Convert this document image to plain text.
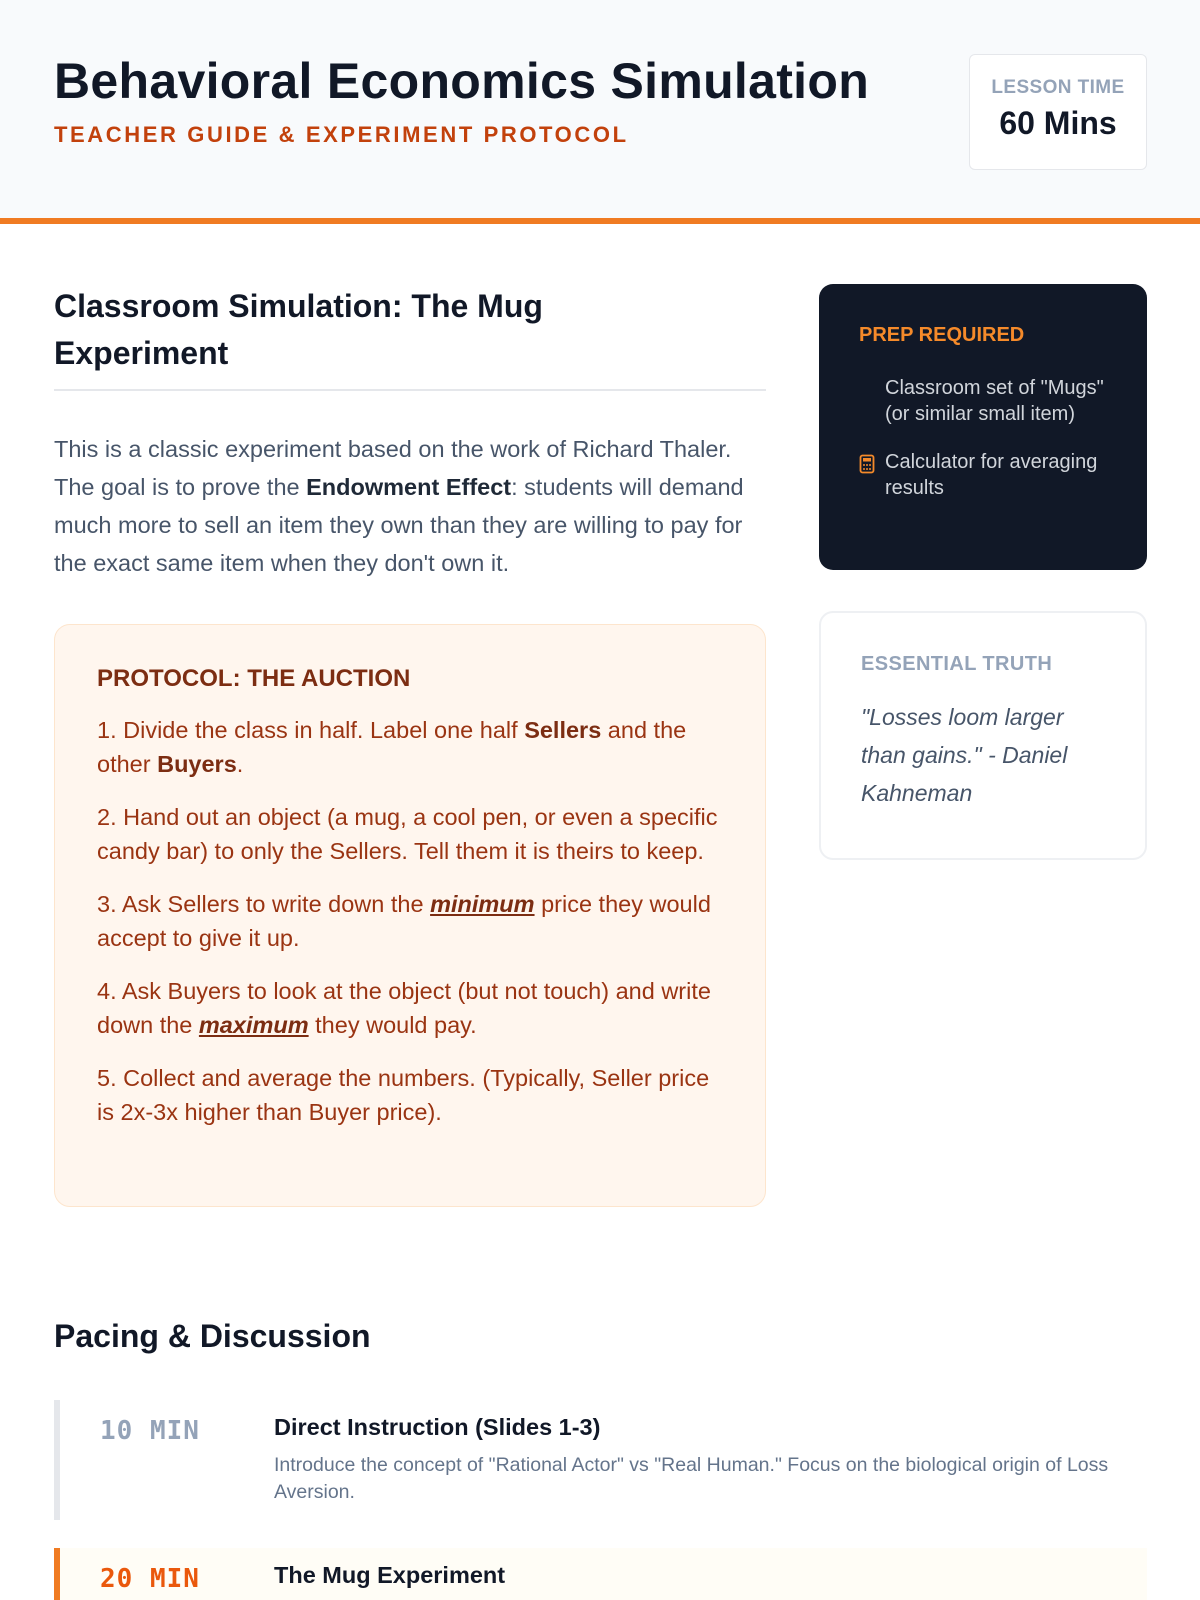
Behavioral Economics Simulation
TEACHER GUIDE & EXPERIMENT PROTOCOL
LESSON TIME
60 Mins
Classroom Simulation: The Mug Experiment

This is a classic experiment based on the work of Richard Thaler. The goal is to prove the Endowment Effect: students will demand much more to sell an item they own than they are willing to pay for the exact same item when they don't own it.

PROTOCOL: THE AUCTION

1. Divide the class in half. Label one half Sellers and the other Buyers.

2. Hand out an object (a mug, a cool pen, or even a specific candy bar) to only the Sellers. Tell them it is theirs to keep.

3. Ask Sellers to write down the minimum price they would accept to give it up.

4. Ask Buyers to look at the object (but not touch) and write down the maximum they would pay.

5. Collect and average the numbers. (Typically, Seller price is 2x-3x higher than Buyer price).

PREP REQUIRED
Classroom set of "Mugs" (or similar small item)
Calculator for averaging results
ESSENTIAL TRUTH
"Losses loom larger than gains." - Daniel Kahneman
Pacing & Discussion
10 MIN	Direct Instruction (Slides 1-3)
Introduce the concept of "Rational Actor" vs "Real Human." Focus on the biological origin of Loss Aversion.
20 MIN	The Mug Experiment
